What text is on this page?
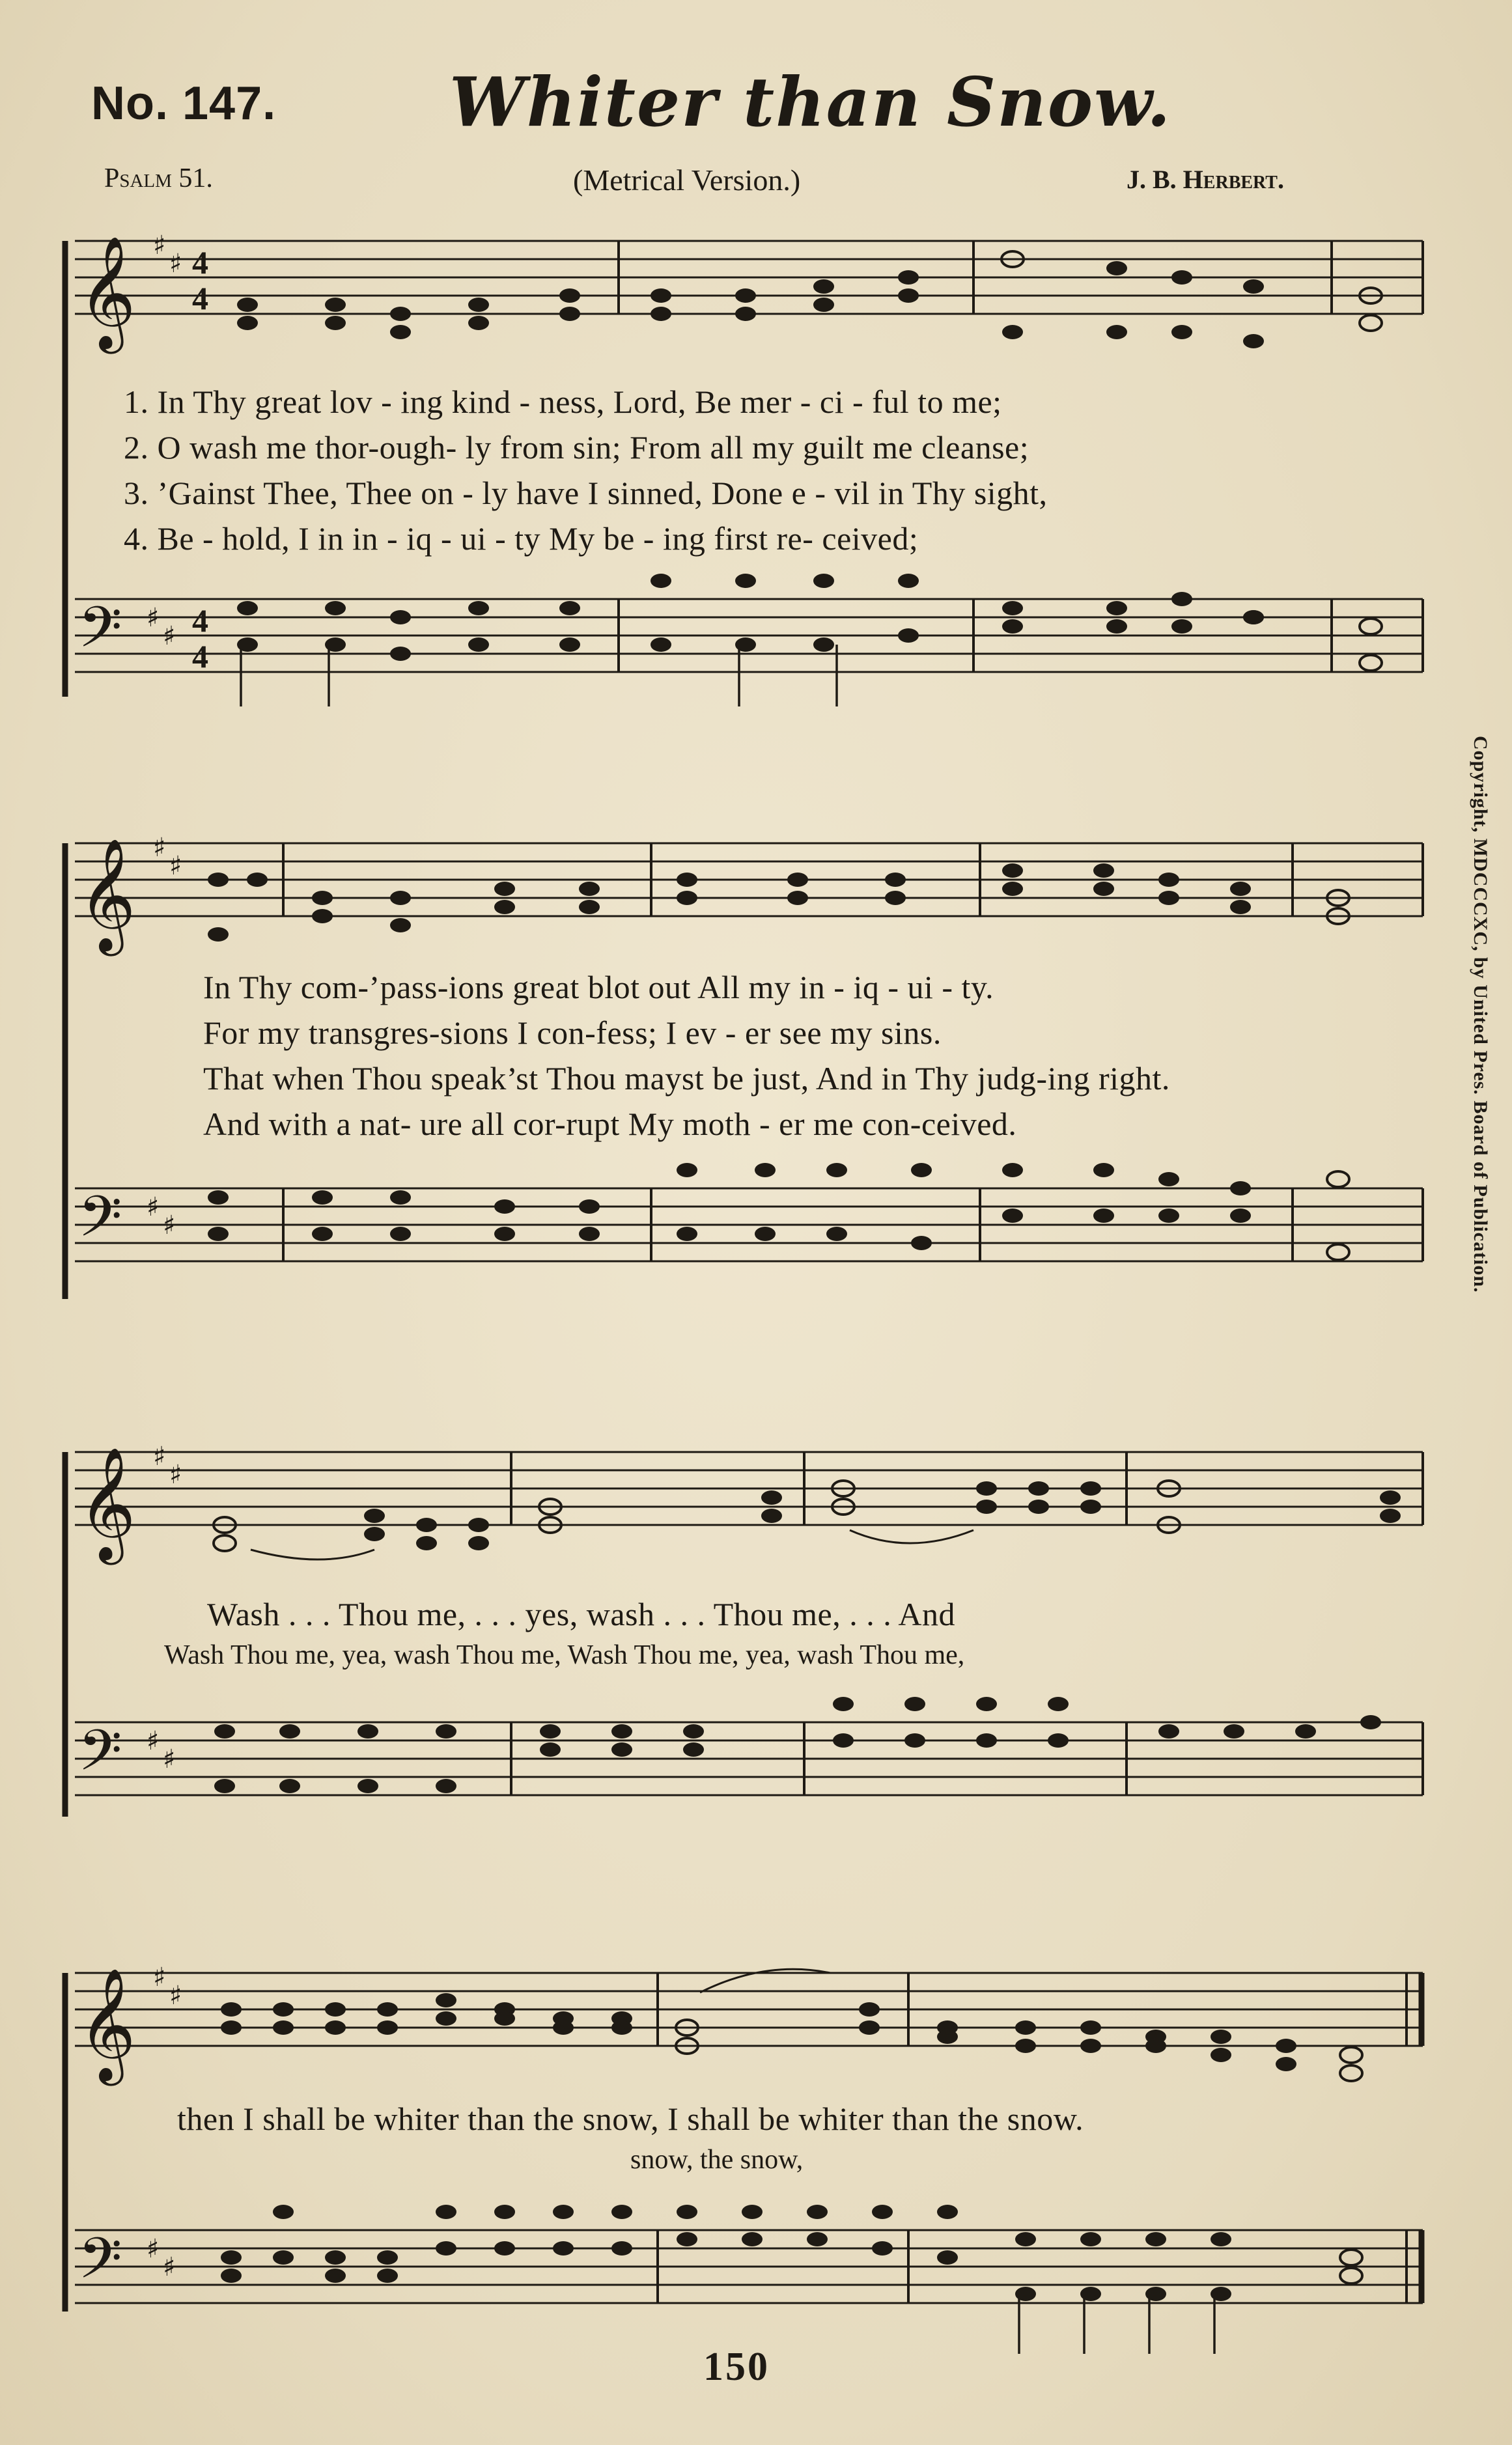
No. 147.	Whiter than Snow.
Psalm 51.	(Metrical Version.)	J. B. Herbert.
Copyright, MDCCCXC, by United Pres. Board of Publication.
𝄞 ♯
♯ 4
4
1. In Thy great lov - ing kind - ness, Lord, Be mer - ci - ful to me;
2. O wash me thor-ough- ly from sin; From all my guilt me cleanse;
3. ’Gainst Thee, Thee on - ly have I sinned, Done e - vil in Thy sight,
4. Be - hold, I in in - iq - ui - ty My be - ing first re- ceived;
𝄢 ♯
♯ 4
4
𝄞 ♯
♯
In Thy com-’pass-ions great blot out All my in - iq - ui - ty.
For my transgres-sions I con-fess; I ev - er see my sins.
That when Thou speak’st Thou mayst be just, And in Thy judg-ing right.
And with a nat- ure all cor-rupt My moth - er me con-ceived.
𝄢 ♯
♯
𝄞 ♯
♯
Wash . . . Thou me, . . . yes, wash . . . Thou me, . . . And
Wash Thou me, yea, wash Thou me, Wash Thou me, yea, wash Thou me,
𝄢 ♯
♯
𝄞 ♯
♯
then I shall be whiter than the snow, I shall be whiter than the snow.
snow, the snow,
𝄢 ♯
♯
150
